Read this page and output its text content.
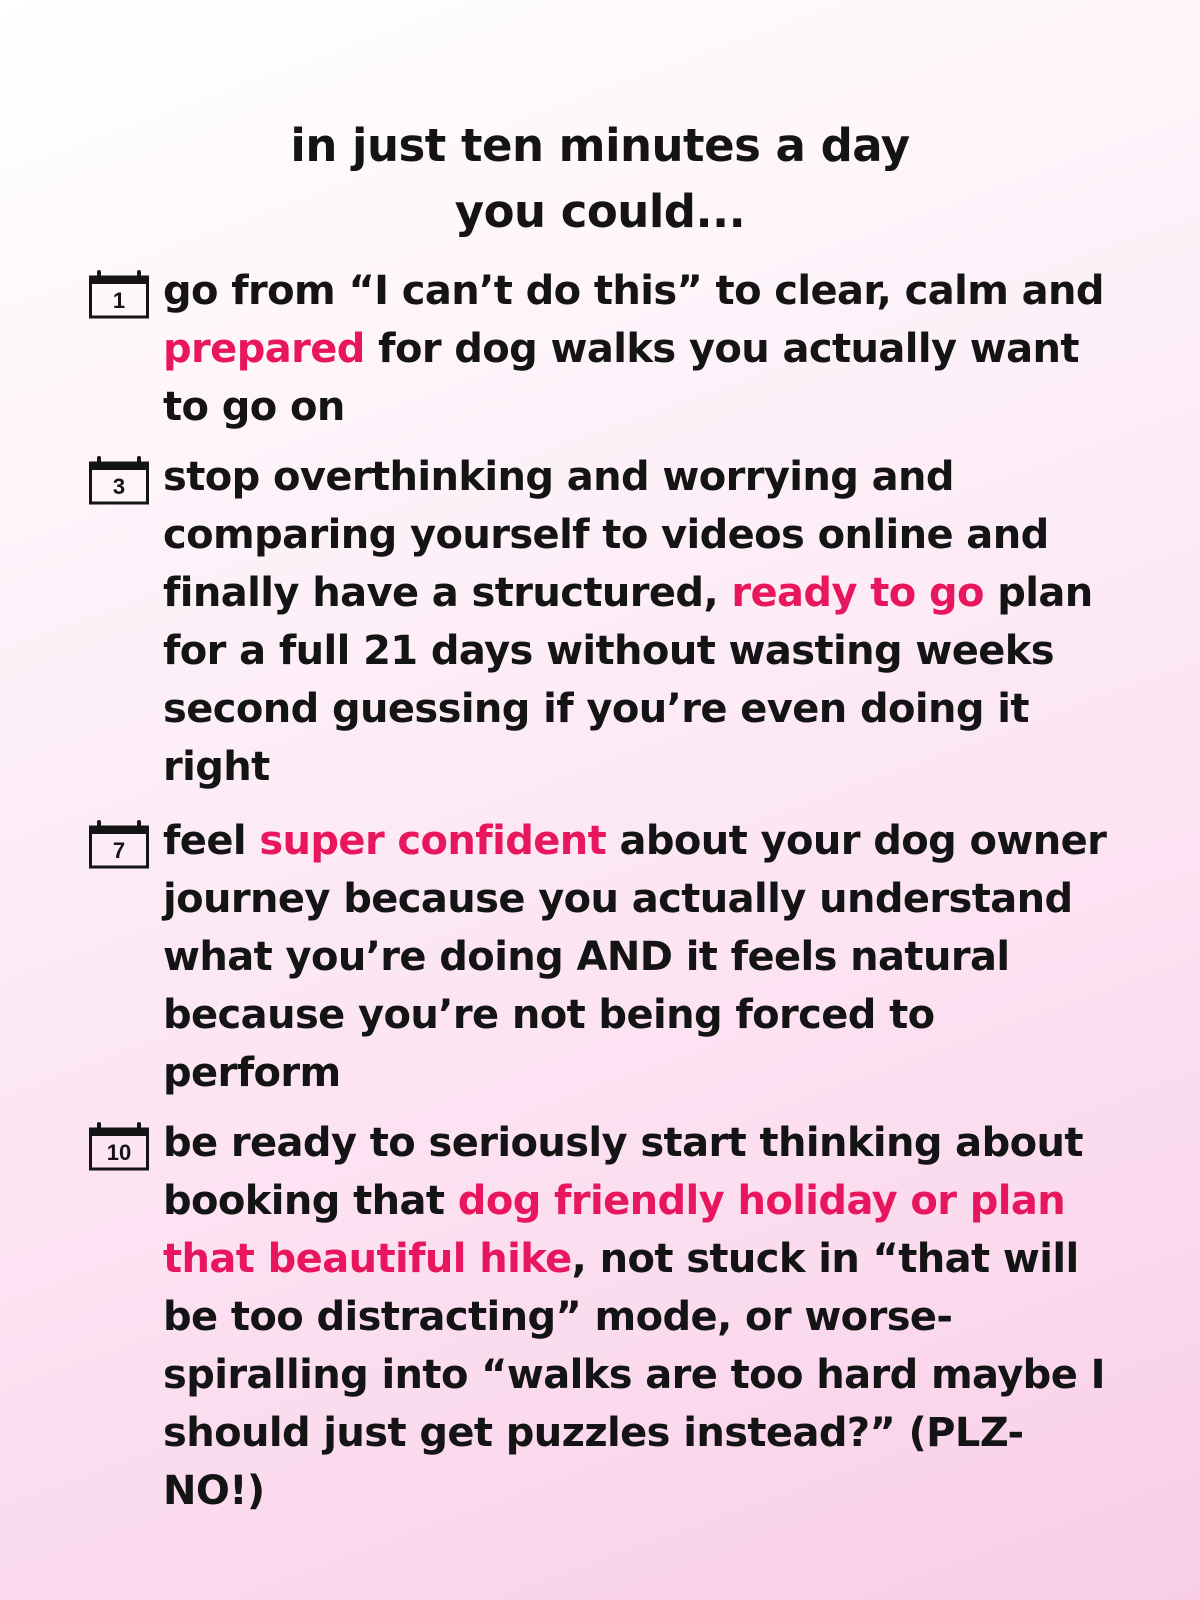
in just ten minutes a day
you could...
1 go from “I can’t do this” to clear, calm and prepared for dog walks you actually want to go on
3 stop overthinking and worrying and comparing yourself to videos online and finally have a structured, ready to go plan for a full 21 days without wasting weeks second guessing if you’re even doing it right
7 feel super confident about your dog owner journey because you actually understand what you’re doing AND it feels natural because you’re not being forced to perform
10 be ready to seriously start thinking about booking that dog friendly holiday or plan that beautiful hike, not stuck in “that will be too distracting” mode, or worse- spiralling into “walks are too hard maybe I should just get puzzles instead?” (PLZ-NO!)
